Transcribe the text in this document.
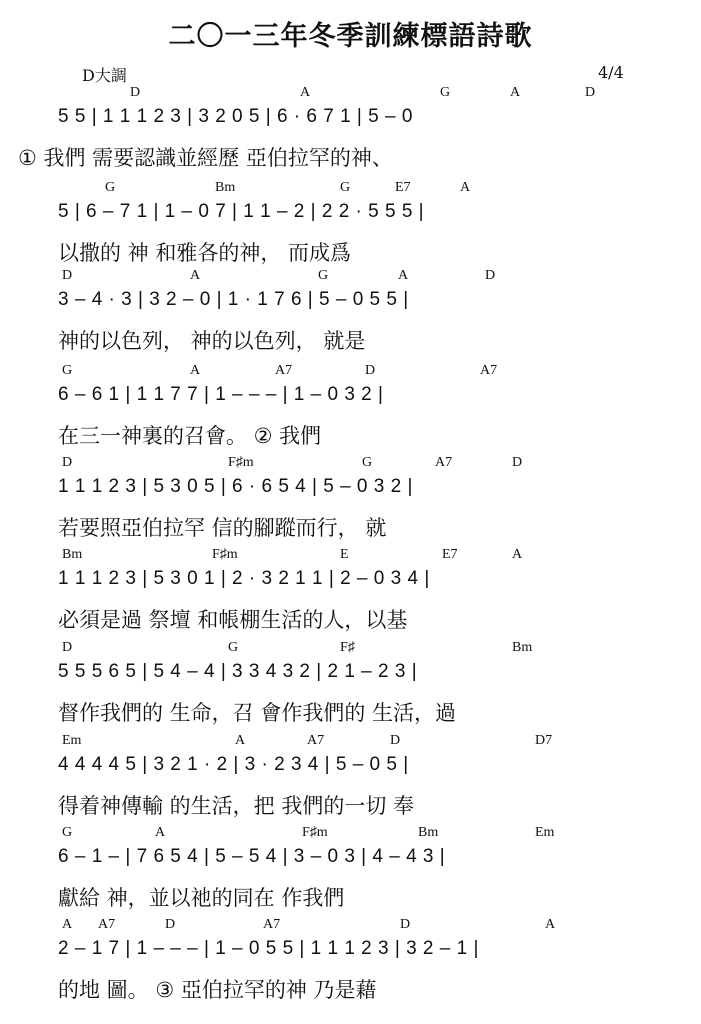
二〇一三年冬季訓練標語詩歌
D大調	4/4
D	A	G	A	D
5 5 | 1 1 1 2 3 | 3 2 0 5 | 6 · 6 7 1 | 5 – 0
① 我們 需要認識並經歷 亞伯拉罕的神、
G	Bm	G	E7	A
5 | 6 – 7 1 | 1 – 0 7 | 1 1 – 2 | 2 2 · 5 5 5 |
以撒的 神 和雅各的神， 而成爲
D	A	G	A	D
3 – 4 · 3 | 3 2 – 0 | 1 · 1 7 6 | 5 – 0 5 5 |
神的以色列， 神的以色列， 就是
G	A	A7	D	A7
6 – 6 1 | 1 1 7 7 | 1 – – – | 1 – 0 3 2 |
在三一神裏的召會。 ② 我們
D	F♯m	G	A7	D
1 1 1 2 3 | 5 3 0 5 | 6 · 6 5 4 | 5 – 0 3 2 |
若要照亞伯拉罕 信的腳蹤而行， 就
Bm	F♯m	E	E7	A
1 1 1 2 3 | 5 3 0 1 | 2 · 3 2 1 1 | 2 – 0 3 4 |
必須是過 祭壇 和帳棚生活的人，以基
D	G	F♯	Bm
5 5 5 6 5 | 5 4 – 4 | 3 3 4 3 2 | 2 1 – 2 3 |
督作我們的 生命，召 會作我們的 生活，過
Em	A	A7	D	D7
4 4 4 4 5 | 3 2 1 · 2 | 3 · 2 3 4 | 5 – 0 5 |
得着神傳輸 的生活，把 我們的一切 奉
G	A	F♯m	Bm	Em
6 – 1 – | 7 6 5 4 | 5 – 5 4 | 3 – 0 3 | 4 – 4 3 |
獻給 神，並以祂的同在 作我們
A A7	D	A7	D	A
2 – 1 7 | 1 – – – | 1 – 0 5 5 | 1 1 1 2 3 | 3 2 – 1 |
的地 圖。 ③ 亞伯拉罕的神 乃是藉
